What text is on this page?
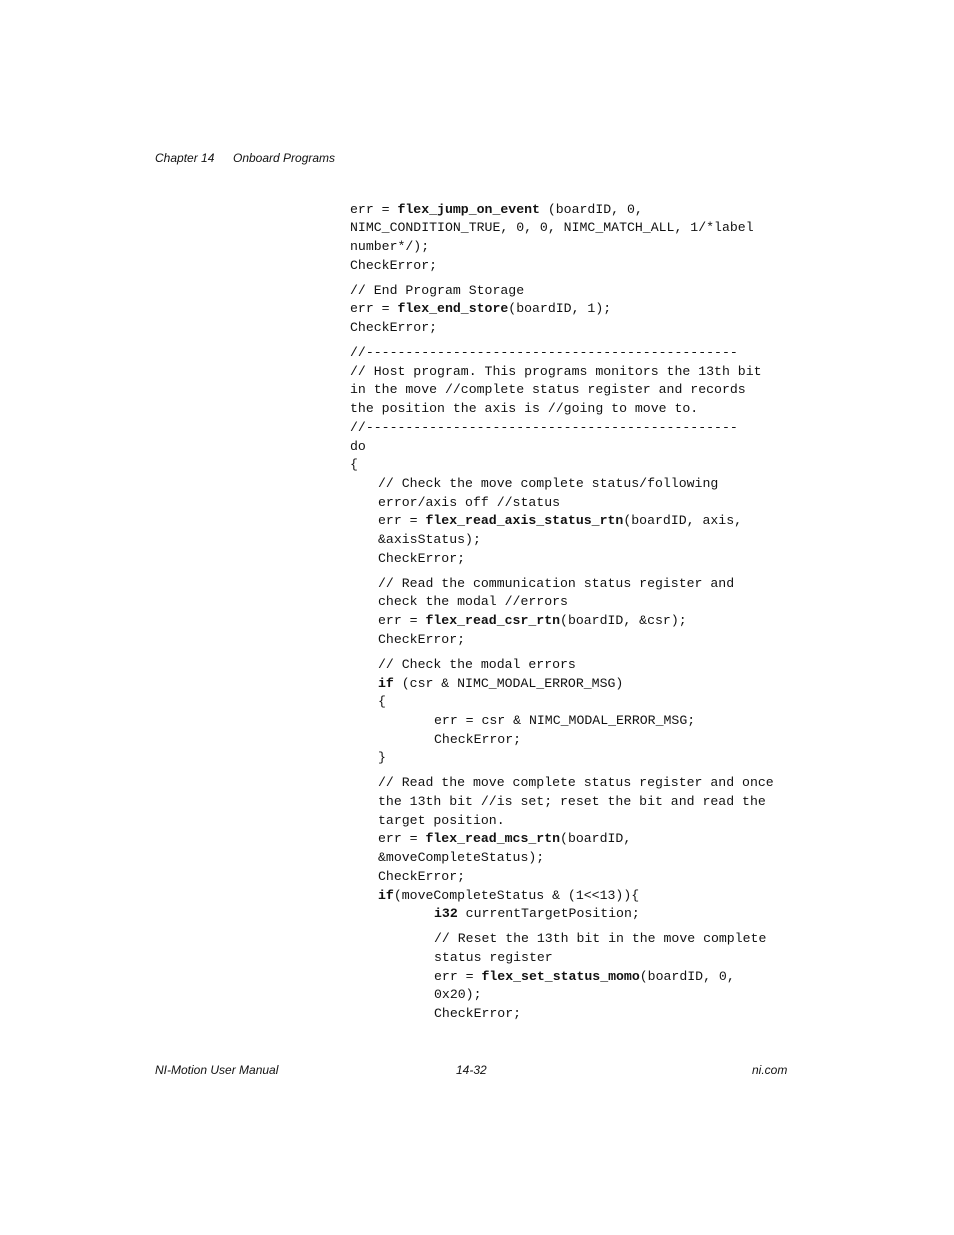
Chapter 14 Onboard Programs
err = flex_jump_on_event (boardID, 0,
NIMC_CONDITION_TRUE, 0, 0, NIMC_MATCH_ALL, 1/*label
number*/);
CheckError;
// End Program Storage
err = flex_end_store(boardID, 1);
CheckError;
//-----------------------------------------------
// Host program. This programs monitors the 13th bit
in the move //complete status register and records
the position the axis is //going to move to.
//-----------------------------------------------
do
{
// Check the move complete status/following
error/axis off //status
err = flex_read_axis_status_rtn(boardID, axis,
&axisStatus);
CheckError;
// Read the communication status register and
check the modal //errors
err = flex_read_csr_rtn(boardID, &csr);
CheckError;
// Check the modal errors
if (csr & NIMC_MODAL_ERROR_MSG)
{
err = csr & NIMC_MODAL_ERROR_MSG;
CheckError;
}
// Read the move complete status register and once
the 13th bit //is set; reset the bit and read the
target position.
err = flex_read_mcs_rtn(boardID,
&moveCompleteStatus);
CheckError;
if(moveCompleteStatus & (1<<13)){
i32 currentTargetPosition;
// Reset the 13th bit in the move complete
status register
err = flex_set_status_momo(boardID, 0,
0x20);
CheckError;
NI-Motion User Manual	14-32	ni.com
